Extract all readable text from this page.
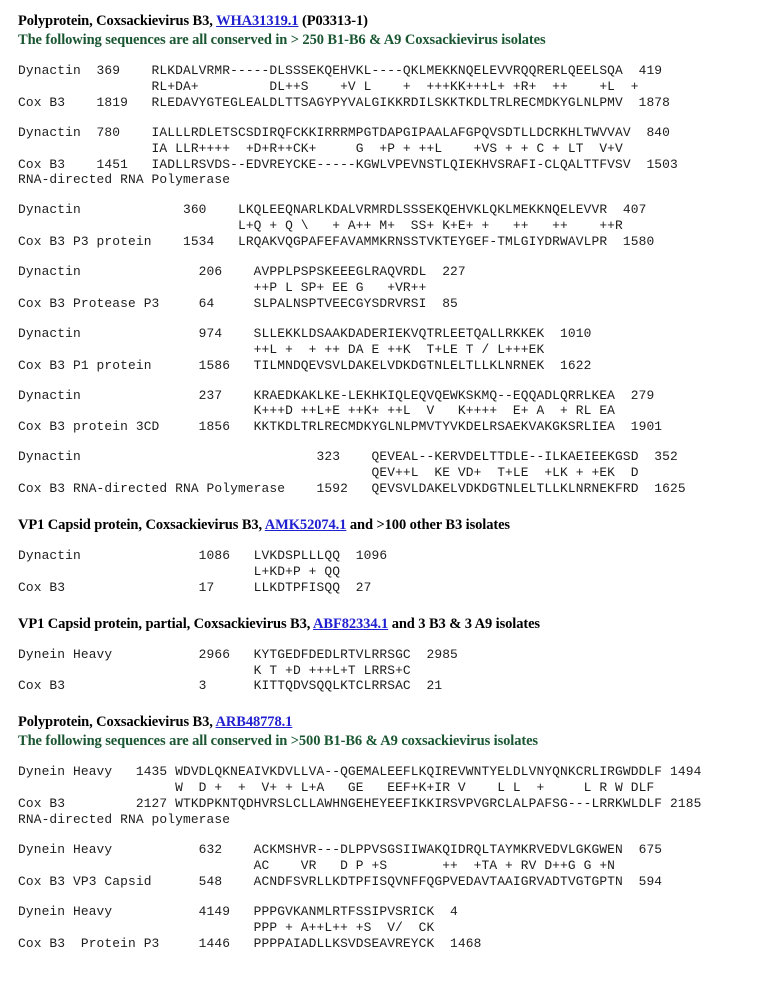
Polyprotein, Coxsackievirus B3, WHA31319.1 (P03313-1)
The following sequences are all conserved in > 250 B1-B6 & A9 Coxsackievirus isolates
Dynactin  369    RLKDALVRMR-----DLSSSEKQEHVKL----QKLMEKKNQELEVVRQQRERLQEELSQA  419
RL+DA+         DL++S    +V L    +  +++KK+++L+ +R+  ++    +L  +
Cox B3    1819   RLEDAVYGTEGLEALDLTTSAGYPYVALGIKKRDILSKKTKDLTRLRECMDKYGLNLPMV  1878
Dynactin  780    IALLLRDLETSCSDIRQFCKKIRRRMPGTDAPGIPAALAFGPQVSDTLLDCRKHLTWVVAV  840
IA LLR++++  +D+R++CK+     G  +P + ++L    +VS + + C + LT  V+V
Cox B3    1451   IADLLRSVDS--EDVREYCKE-----KGWLVPEVNSTLQIEKHVSRAFI-CLQALTTFVSV  1503
RNA-directed RNA Polymerase
Dynactin             360    LKQLEEQNARLKDALVRMRDLSSSEKQEHVKLQKLMEKKNQELEVVR  407
L+Q + Q \   + A++ M+  SS+ K+E+ +   ++   ++    ++R
Cox B3 P3 protein    1534   LRQAKVQGPAFEFAVAMMKRNSSTVKTEYGEF-TMLGIYDRWAVLPR  1580
Dynactin               206    AVPPLPSPSKEEEGLRAQVRDL  227
++P L SP+ EE G   +VR++
Cox B3 Protease P3     64     SLPALNSPTVEECGYSDRVRSI  85
Dynactin               974    SLLEKKLDSAAKDADERIEKVQTRLEETQALLRKKEK  1010
++L +  + ++ DA E ++K  T+LE T / L+++EK
Cox B3 P1 protein      1586   TILMNDQEVSVLDAKELVDKDGTNLELTLLKLNRNEK  1622
Dynactin               237    KRAEDKAKLKE-LEKHKIQLEQVQEWKSKMQ--EQQADLQRRLKEA  279
K+++D ++L+E ++K+ ++L  V   K++++  E+ A  + RL EA
Cox B3 protein 3CD     1856   KKTKDLTRLRECMDKYGLNLPMVTYVKDELRSAEKVAKGKSRLIEA  1901
Dynactin                              323    QEVEAL--KERVDELTTDLE--ILKAEIEEKGSD  352
QEV++L  KE VD+  T+LE  +LK + +EK  D
Cox B3 RNA-directed RNA Polymerase    1592   QEVSVLDAKELVDKDGTNLELTLLKLNRNEKFRD  1625
VP1 Capsid protein, Coxsackievirus B3, AMK52074.1 and >100 other B3 isolates
Dynactin               1086   LVKDSPLLLQQ  1096
L+KD+P + QQ
Cox B3                 17     LLKDTPFISQQ  27
VP1 Capsid protein, partial, Coxsackievirus B3, ABF82334.1 and 3 B3 & 3 A9 isolates
Dynein Heavy           2966   KYTGEDFDEDLRTVLRRSGC  2985
K T +D +++L+T LRRS+C
Cox B3                 3      KITTQDVSQQLKTCLRRSAC  21
Polyprotein, Coxsackievirus B3, ARB48778.1
The following sequences are all conserved in >500 B1-B6 & A9 coxsackievirus isolates
Dynein Heavy   1435 WDVDLQKNEAIVKDVLLVA--QGEMALEEFLKQIREVWNTYELDLVNYQNKCRLIRGWDDLF 1494
W  D +  +  V+ + L+A   GE   EEF+K+IR V    L L  +     L R W DLF
Cox B3         2127 WTKDPKNTQDHVRSLCLLAWHNGEHEYEEFIKKIRSVPVGRCLALPAFSG---LRRKWLDLF 2185
RNA-directed RNA polymerase
Dynein Heavy           632    ACKMSHVR---DLPPVSGSIIWAKQIDRQLTAYMKRVEDVLGKGWEN  675
AC    VR   D P +S       ++  +TA + RV D++G G +N
Cox B3 VP3 Capsid      548    ACNDFSVRLLKDTPFISQVNFFQGPVEDAVTAAIGRVADTVGTGPTN  594
Dynein Heavy           4149   PPPGVKANMLRTFSSIPVSRICK  4
PPP + A++L++ +S  V/  CK
Cox B3  Protein P3     1446   PPPPAIADLLKSVDSEAVREYCK  1468
